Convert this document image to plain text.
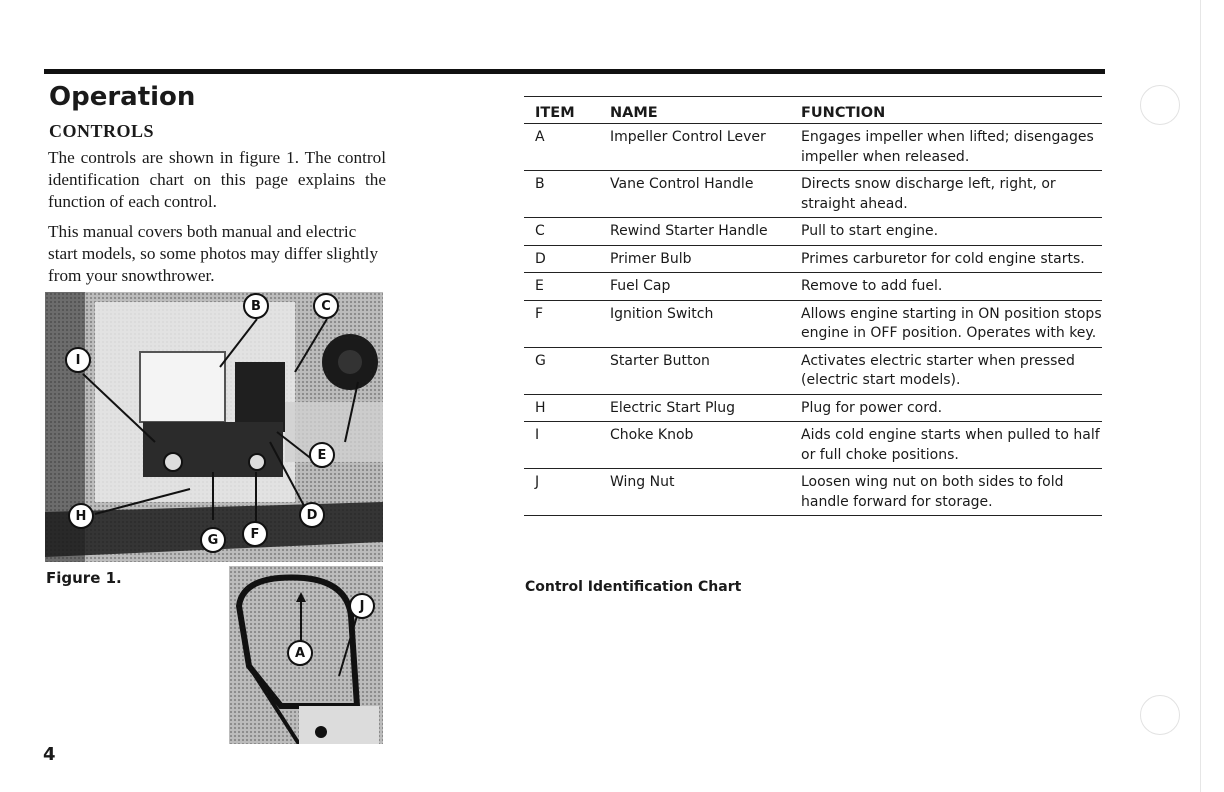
Operation
CONTROLS

The controls are shown in figure 1. The control identification chart on this page explains the function of each control.

This manual covers both manual and electric start models, so some photos may differ slightly from your snowthrower.

I
B	C
E
D
H
G	F

Figure 1.

A
J
ITEM	NAME	FUNCTION
A	Impeller Control Lever	Engages impeller when lifted; disengages impeller when released.
B	Vane Control Handle	Directs snow discharge left, right, or straight ahead.
C	Rewind Starter Handle	Pull to start engine.
D	Primer Bulb	Primes carburetor for cold engine starts.
E	Fuel Cap	Remove to add fuel.
F	Ignition Switch	Allows engine starting in ON position stops engine in OFF position. Operates with key.
G	Starter Button	Activates electric starter when pressed (electric start models).
H	Electric Start Plug	Plug for power cord.
I	Choke Knob	Aids cold engine starts when pulled to half or full choke positions.
J	Wing Nut	Loosen wing nut on both sides to fold handle forward for storage.

Control Identification Chart

4
